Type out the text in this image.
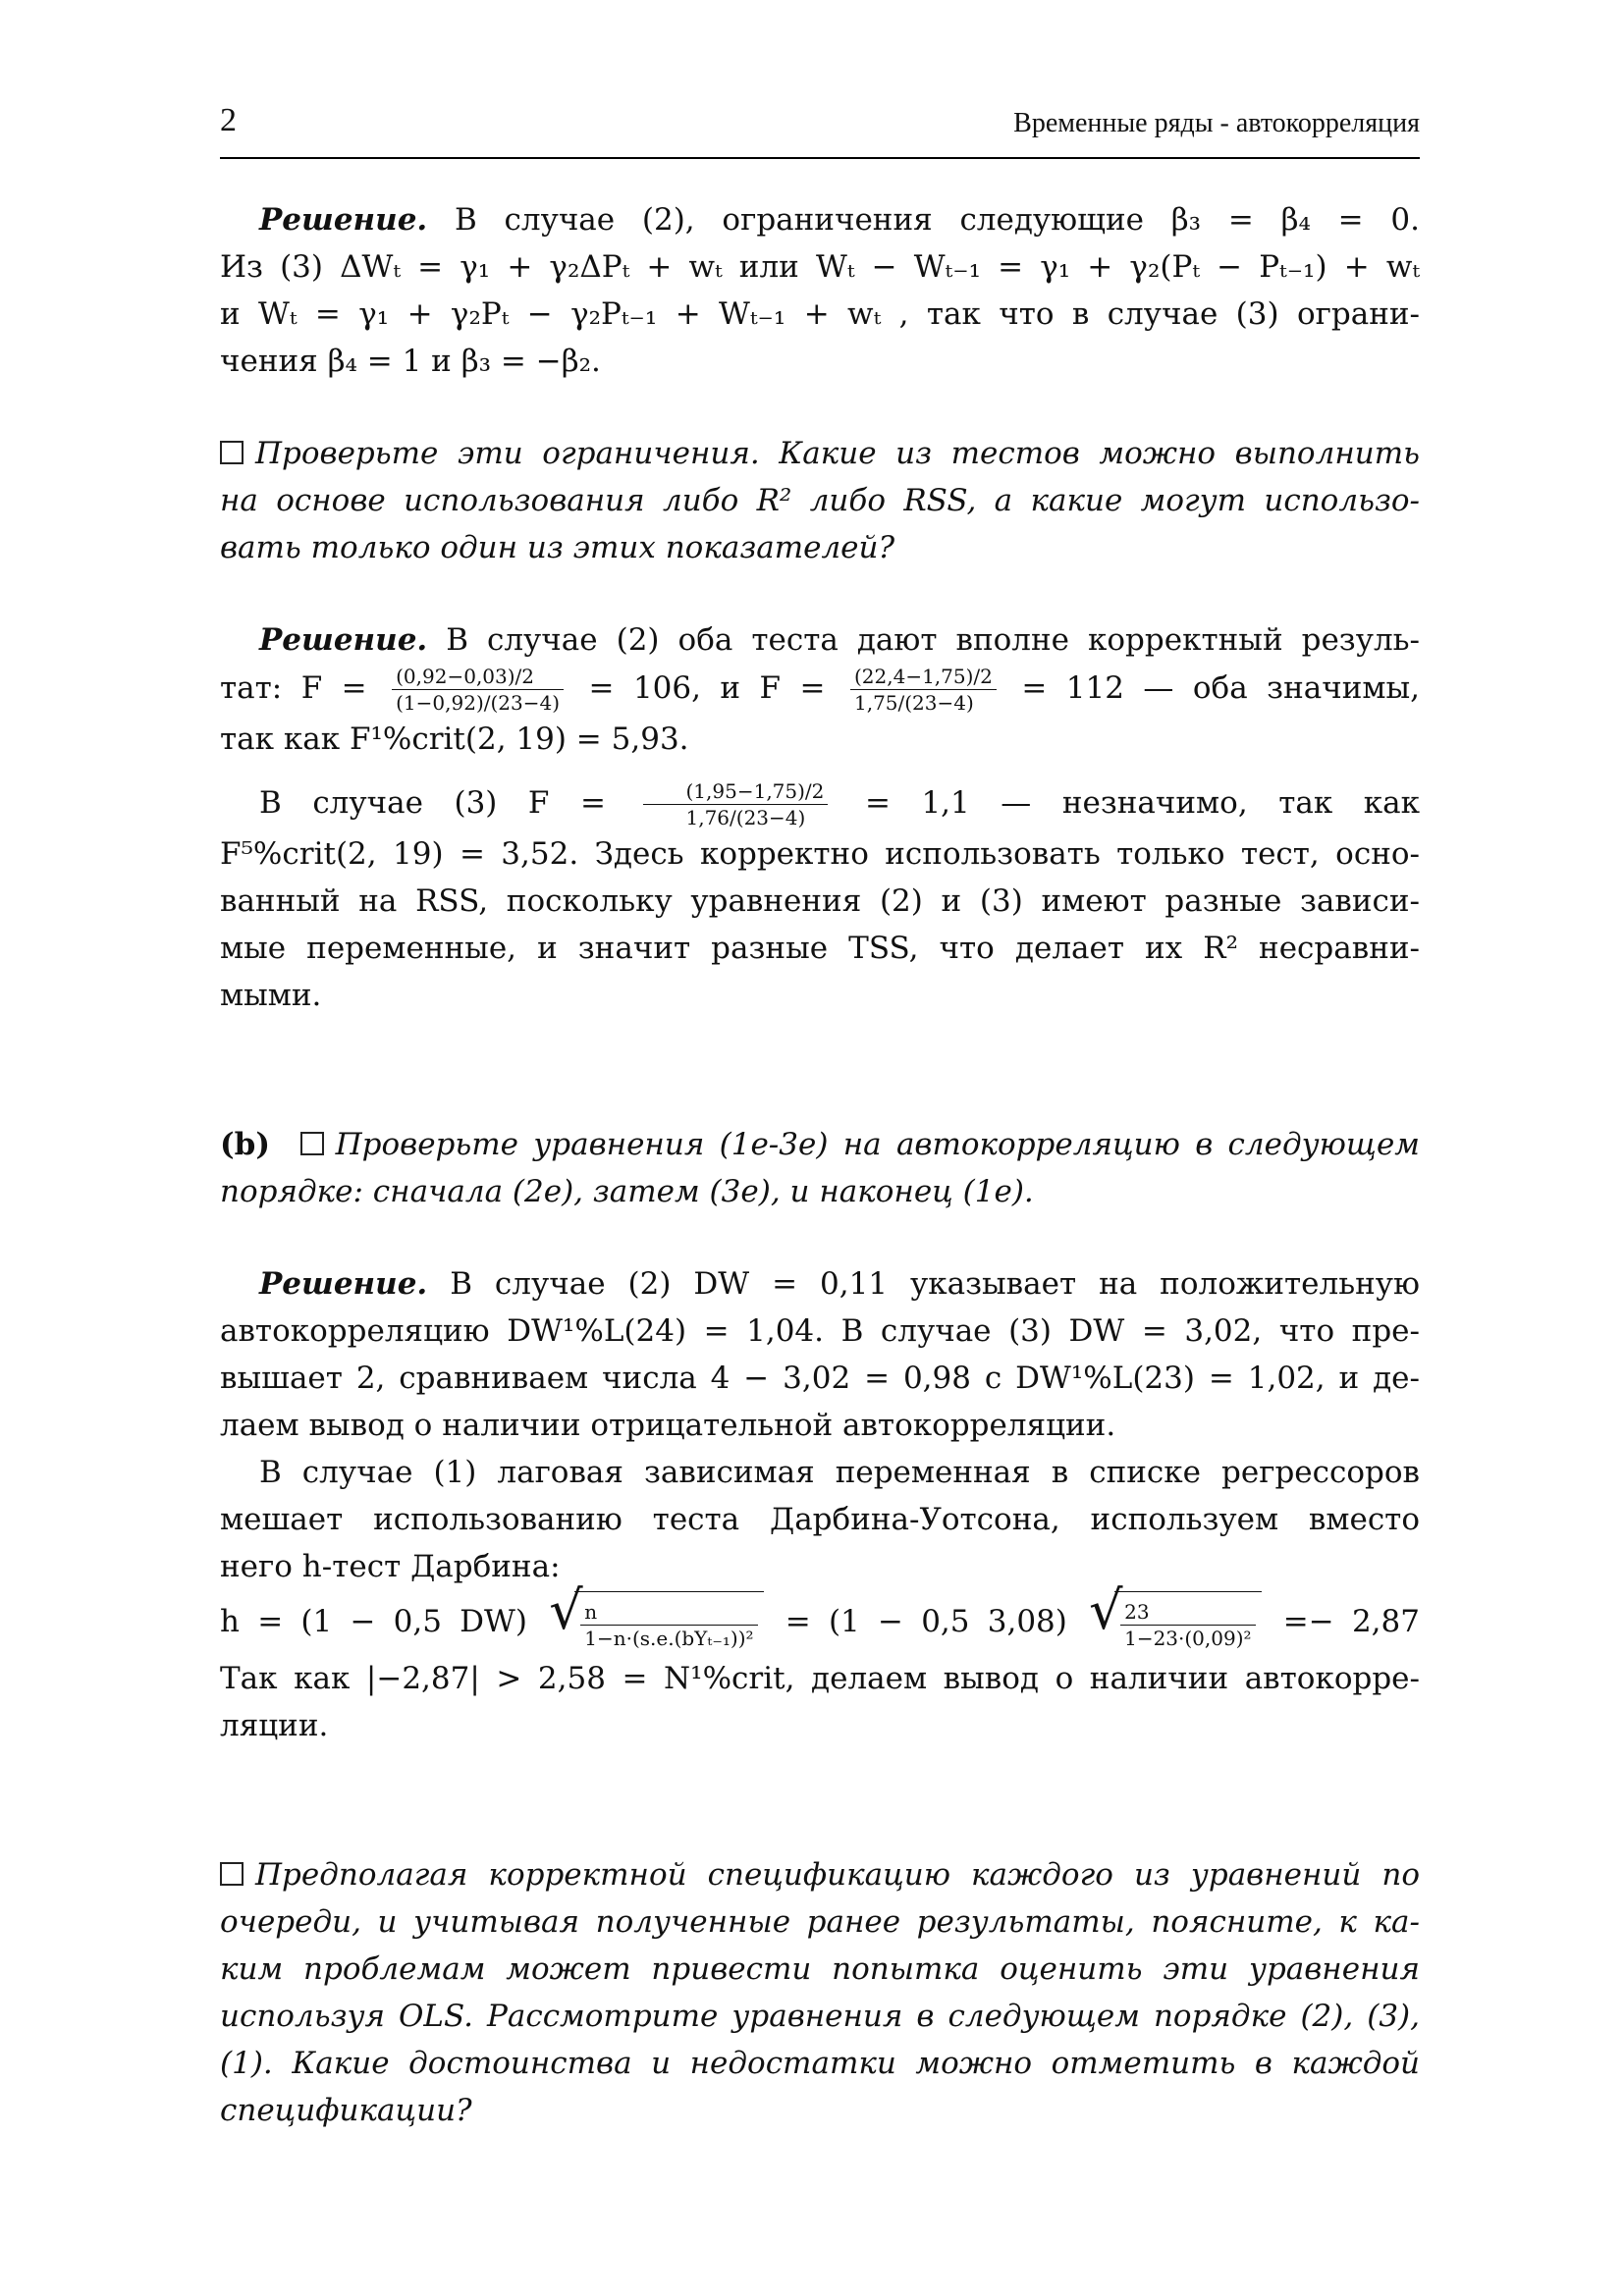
2	Временные ряды - автокорреляция
Решение. В случае (2), ограничения следующие β₃ = β₄ = 0.
Из (3) ΔWₜ = γ₁ + γ₂ΔPₜ + wₜ или Wₜ − Wₜ₋₁ = γ₁ + γ₂(Pₜ − Pₜ₋₁) + wₜ
и Wₜ = γ₁ + γ₂Pₜ − γ₂Pₜ₋₁ + Wₜ₋₁ + wₜ , так что в случае (3) ограни-
чения β₄ = 1 и β₃ = −β₂.
Проверьте эти ограничения. Какие из тестов можно выполнить
на основе использования либо R² либо RSS, а какие могут использо-
вать только один из этих показателей?
Решение. В случае (2) оба теста дают вполне корректный резуль-
тат: $F = \frac{(0,92-0,03)/2}{(1-0,92)/(23-4)} = 106$, и $F = \frac{(22,4-1,75)/2}{1,75/(23-4)} = 112$ — оба значимы,
так как F¹%crit(2, 19) = 5,93.
В случае (3) $F = \frac{(1,95-1,75)/2}{1,76/(23-4)} = 1,1$ — незначимо, так как
F⁵%crit(2, 19) = 3,52. Здесь корректно использовать только тест, осно-
ванный на RSS, поскольку уравнения (2) и (3) имеют разные зависи-
мые переменные, и значит разные TSS, что делает их R² несравни-
мыми.
(b) Проверьте уравнения (1e-3e) на автокорреляцию в следующем
порядке: сначала (2e), затем (3e), и наконец (1e).
Решение. В случае (2) DW = 0,11 указывает на положительную
автокорреляцию DW¹%L(24) = 1,04. В случае (3) DW = 3,02, что пре-
вышает 2, сравниваем числа 4 − 3,02 = 0,98 с DW¹%L(23) = 1,02, и де-
лаем вывод о наличии отрицательной автокорреляции.
В случае (1) лаговая зависимая переменная в списке регрессоров
мешает использованию теста Дарбина-Уотсона, используем вместо
него h-тест Дарбина:
h = (1 − 0,5 DW)	√ $\frac{n}{\text{1−n·(s.e.(bYₜ₋₁))²}} = (1 - 0,5$ 3,08)	√ $\frac{23}{\text{1−23·(0,09)²}} =- 2,87$
Так как |−2,87| > 2,58 = N¹%crit, делаем вывод о наличии автокорре-
ляции.
Предполагая корректной спецификацию каждого из уравнений по
очереди, и учитывая полученные ранее результаты, поясните, к ка-
ким проблемам может привести попытка оценить эти уравнения
используя OLS. Рассмотрите уравнения в следующем порядке (2), (3),
(1). Какие достоинства и недостатки можно отметить в каждой
спецификации?
